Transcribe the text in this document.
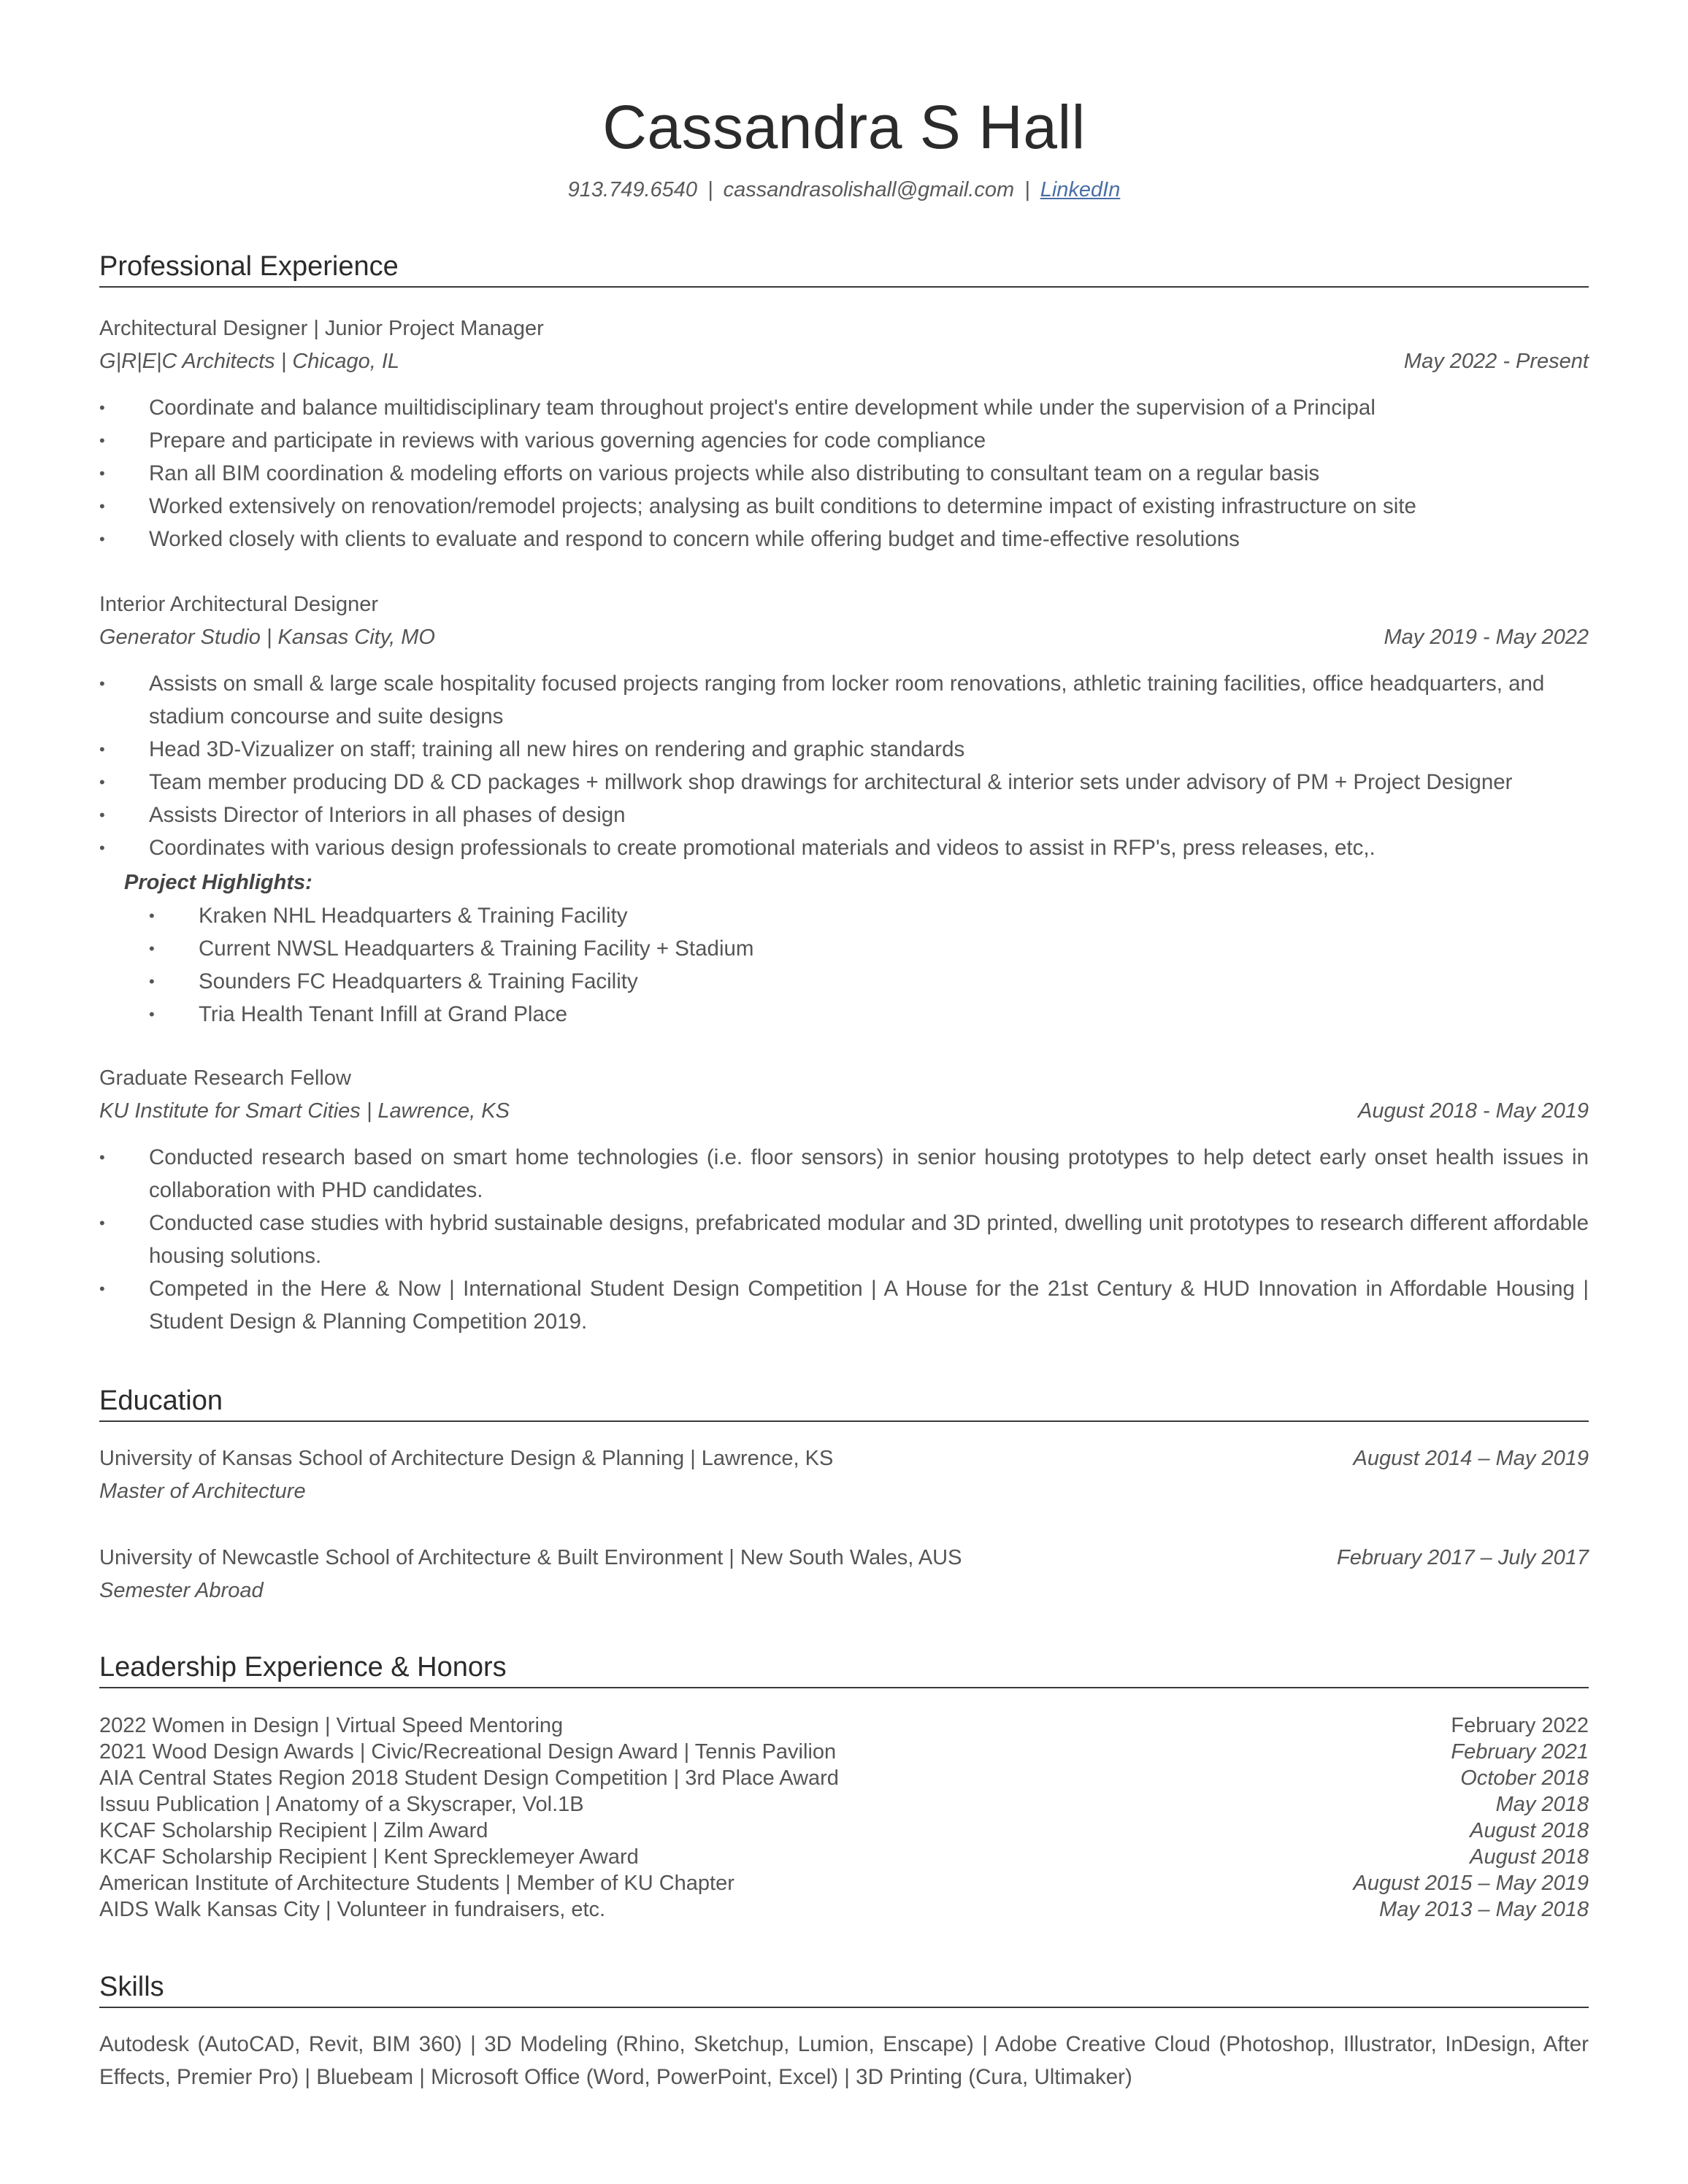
Cassandra S Hall
913.749.6540 | cassandrasolishall@gmail.com | LinkedIn
Professional Experience
Architectural Designer | Junior Project Manager
G|R|E|C Architects | Chicago, IL	May 2022 - Present
•	Coordinate and balance muiltidisciplinary team throughout project's entire development while under the supervision of a Principal
•	Prepare and participate in reviews with various governing agencies for code compliance
•	Ran all BIM coordination & modeling efforts on various projects while also distributing to consultant team on a regular basis
•	Worked extensively on renovation/remodel projects; analysing as built conditions to determine impact of existing infrastructure on site
•	Worked closely with clients to evaluate and respond to concern while offering budget and time-effective resolutions
Interior Architectural Designer
Generator Studio | Kansas City, MO	May 2019 - May 2022
•	Assists on small & large scale hospitality focused projects ranging from locker room renovations, athletic training facilities, office headquarters, and stadium concourse and suite designs
•	Head 3D-Vizualizer on staff; training all new hires on rendering and graphic standards
•	Team member producing DD & CD packages + millwork shop drawings for architectural & interior sets under advisory of PM + Project Designer
•	Assists Director of Interiors in all phases of design
•	Coordinates with various design professionals to create promotional materials and videos to assist in RFP's, press releases, etc,.
Project Highlights:
• Kraken NHL Headquarters & Training Facility
• Current NWSL Headquarters & Training Facility + Stadium
• Sounders FC Headquarters & Training Facility
• Tria Health Tenant Infill at Grand Place
Graduate Research Fellow
KU Institute for Smart Cities | Lawrence, KS	August 2018 - May 2019
•	Conducted research based on smart home technologies (i.e. floor sensors) in senior housing prototypes to help detect early onset health issues in collaboration with PHD candidates.
•	Conducted case studies with hybrid sustainable designs, prefabricated modular and 3D printed, dwelling unit prototypes to research different affordable housing solutions.
•	Competed in the Here & Now | International Student Design Competition | A House for the 21st Century & HUD Innovation in Affordable Housing | Student Design & Planning Competition 2019.
Education
University of Kansas School of Architecture Design & Planning | Lawrence, KS	August 2014 – May 2019
Master of Architecture
University of Newcastle School of Architecture & Built Environment | New South Wales, AUS	February 2017 – July 2017
Semester Abroad
Leadership Experience & Honors
2022 Women in Design | Virtual Speed Mentoring	February 2022
2021 Wood Design Awards | Civic/Recreational Design Award | Tennis Pavilion	February 2021
AIA Central States Region 2018 Student Design Competition | 3rd Place Award	October 2018
Issuu Publication | Anatomy of a Skyscraper, Vol.1B	May 2018
KCAF Scholarship Recipient | Zilm Award	August 2018
KCAF Scholarship Recipient | Kent Sprecklemeyer Award	August 2018
American Institute of Architecture Students | Member of KU Chapter	August 2015 – May 2019
AIDS Walk Kansas City | Volunteer in fundraisers, etc.	May 2013 – May 2018
Skills
Autodesk (AutoCAD, Revit, BIM 360) | 3D Modeling (Rhino, Sketchup, Lumion, Enscape) | Adobe Creative Cloud (Photoshop, Illustrator, InDesign, After Effects, Premier Pro) | Bluebeam | Microsoft Office (Word, PowerPoint, Excel) | 3D Printing (Cura, Ultimaker)
